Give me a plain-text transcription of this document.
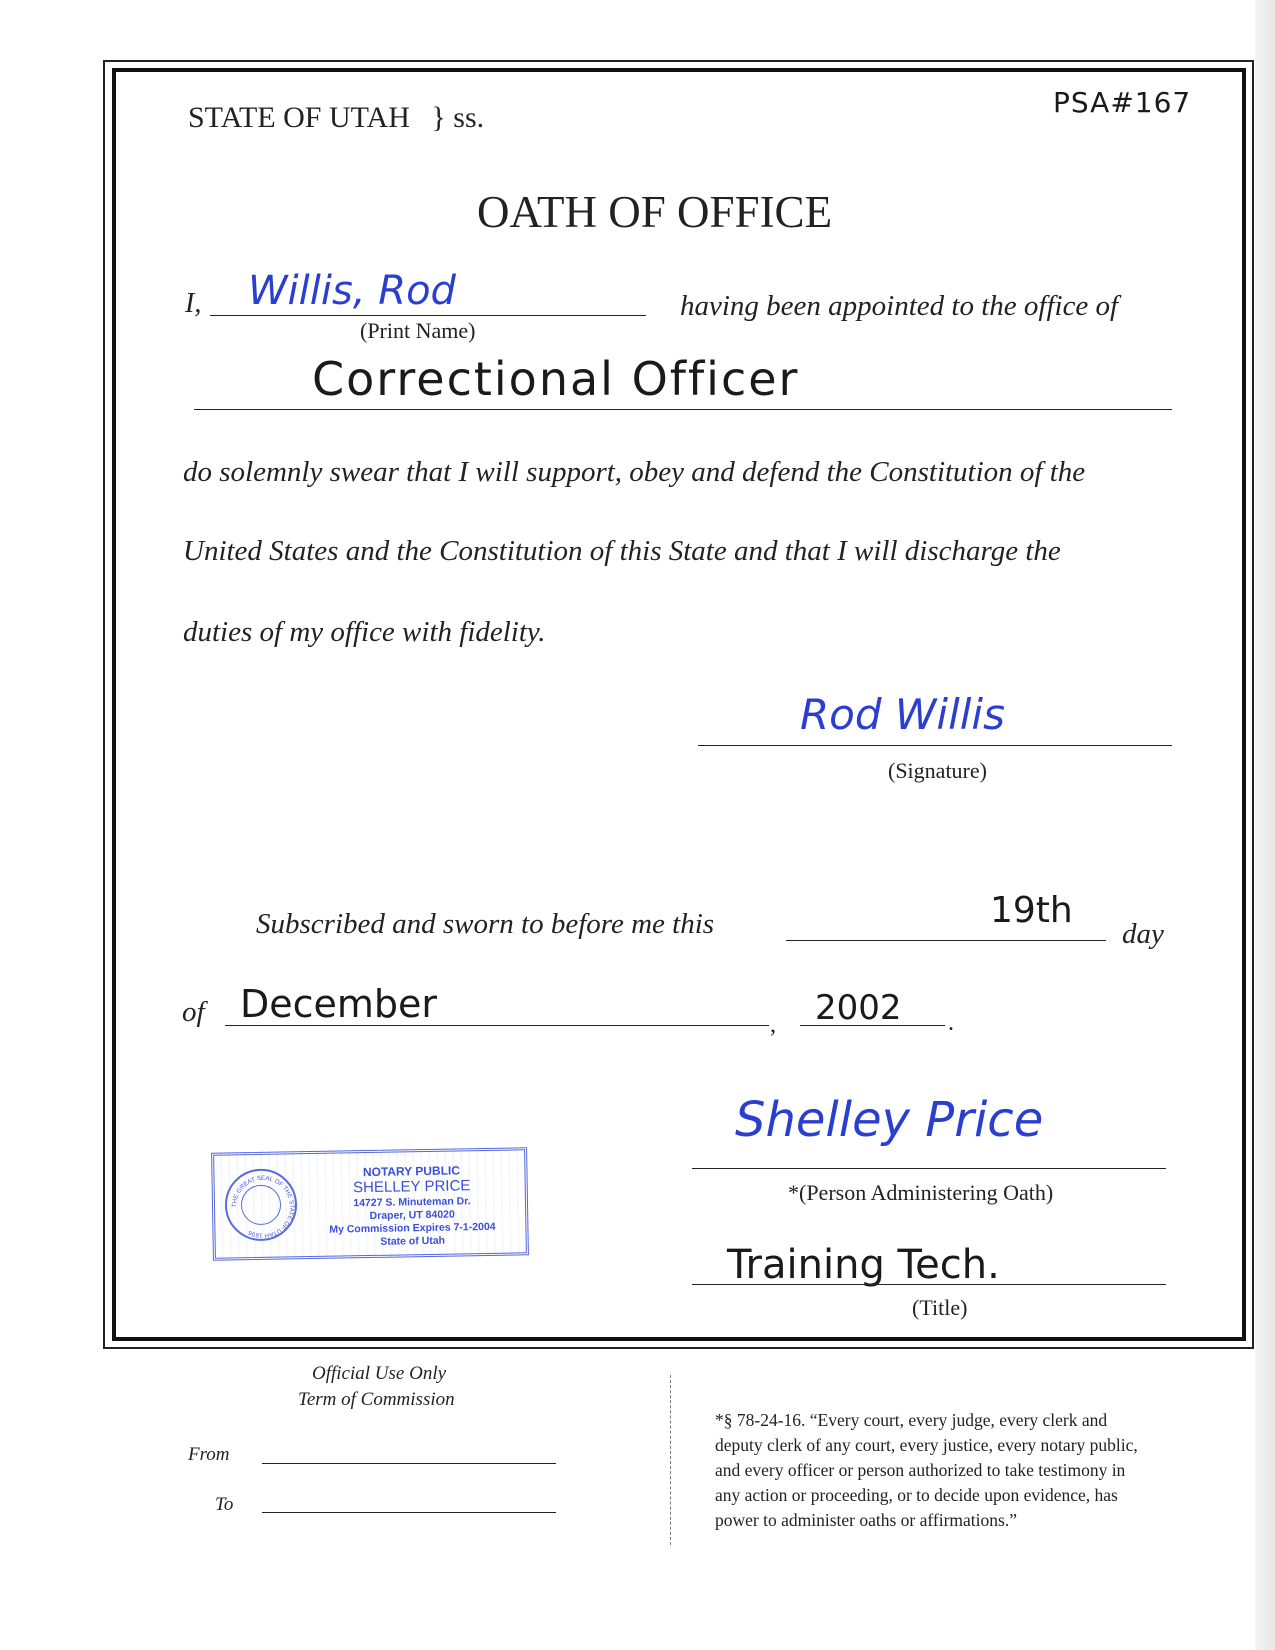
STATE OF UTAH } ss.	PSA#167
OATH OF OFFICE
I, Willis, Rod
(Print Name)
having been appointed to the office of
Correctional Officer
do solemnly swear that I will support, obey and defend the Constitution of the
United States and the Constitution of this State and that I will discharge the
duties of my office with fidelity.
Rod Willis
(Signature)
Subscribed and sworn to before me this	19th
day
of December	, 2002 .
THE GREAT SEAL OF THE STATE OF UTAH 1896
NOTARY PUBLIC
SHELLEY PRICE
14727 S. Minuteman Dr.
Draper, UT 84020
My Commission Expires 7-1-2004
State of Utah
Shelley Price
*(Person Administering Oath)
Training Tech.
(Title)
Official Use Only
Term of Commission
From
To
*§ 78-24-16. “Every court, every judge, every clerk and
deputy clerk of any court, every justice, every notary public,
and every officer or person authorized to take testimony in
any action or proceeding, or to decide upon evidence, has
power to administer oaths or affirmations.”
